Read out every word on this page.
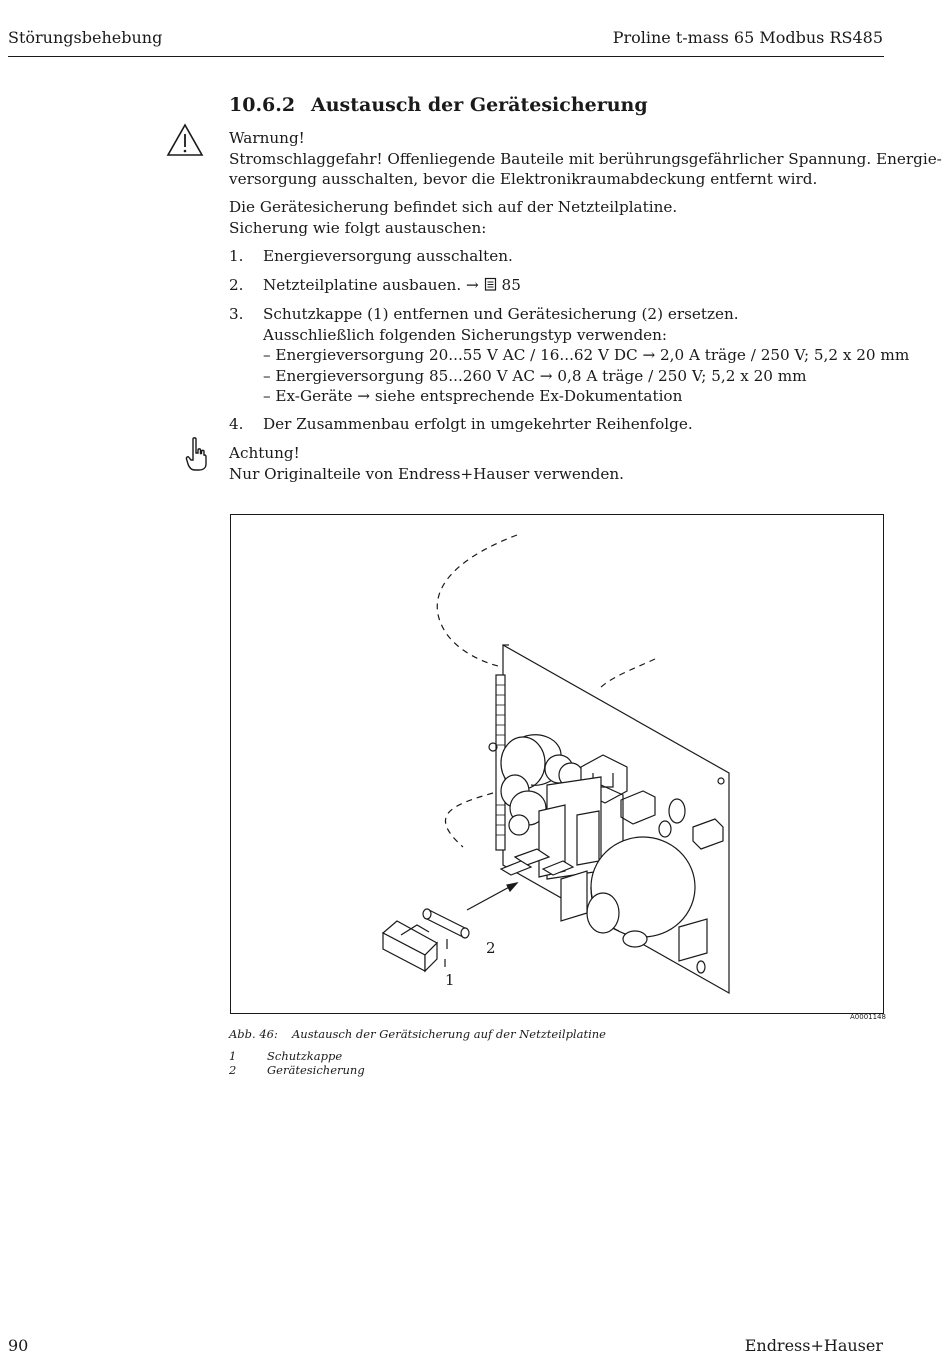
Störungsbehebung	Proline t-mass 65 Modbus RS485
10.6.2 Austausch der Gerätesicherung
Warnung!
Stromschlaggefahr! Offenliegende Bauteile mit berührungsgefährlicher Spannung. Energie-
versorgung ausschalten, bevor die Elektronikraumabdeckung entfernt wird.
Die Gerätesicherung befindet sich auf der Netzteilplatine.
Sicherung wie folgt austauschen:
1. Energieversorgung ausschalten.
2. Netzteilplatine ausbauen. → 85
3. Schutzkappe (1) entfernen und Gerätesicherung (2) ersetzen.
Ausschließlich folgenden Sicherungstyp verwenden:
– Energieversorgung 20...55 V AC / 16...62 V DC → 2,0 A träge / 250 V; 5,2 x 20 mm
– Energieversorgung 85...260 V AC → 0,8 A träge / 250 V; 5,2 x 20 mm
– Ex-Geräte → siehe entsprechende Ex-Dokumentation
4. Der Zusammenbau erfolgt in umgekehrter Reihenfolge.
Achtung!
Nur Originalteile von Endress+Hauser verwenden.
2
1
A0001148
Abb. 46: Austausch der Gerätsicherung auf der Netzteilplatine
1	Schutzkappe
2	Gerätesicherung
90	Endress+Hauser
